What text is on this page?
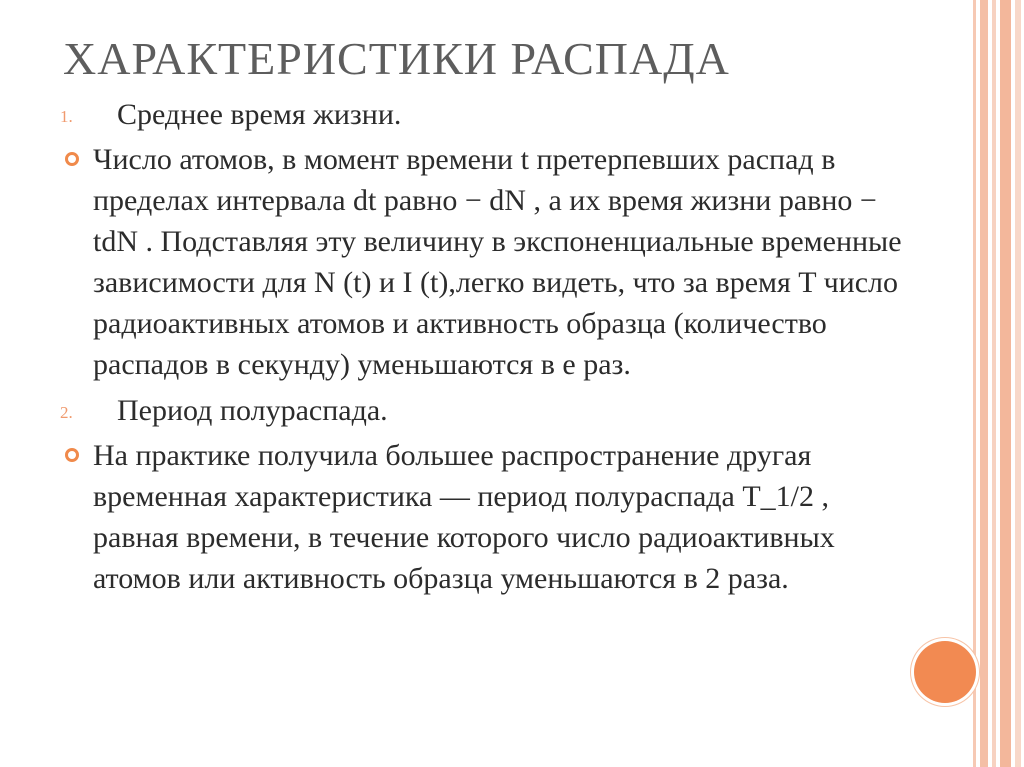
ХАРАКТЕРИСТИКИ РАСПАДА
1. Среднее время жизни.
Число атомов, в момент времени t претерпевших распад в пределах интервала dt равно − dN , а их время жизни равно − tdN . Подставляя эту величину в экспоненциальные временные зависимости для N (t) и I (t),легко видеть, что за время T число радиоактивных атомов и активность образца (количество распадов в секунду) уменьшаются в е раз.
2. Период полураспада.
На практике получила большее распространение другая временная характеристика — период полураспада T_1/2 , равная времени, в течение которого число радиоактивных атомов или активность образца уменьшаются в 2 раза.
